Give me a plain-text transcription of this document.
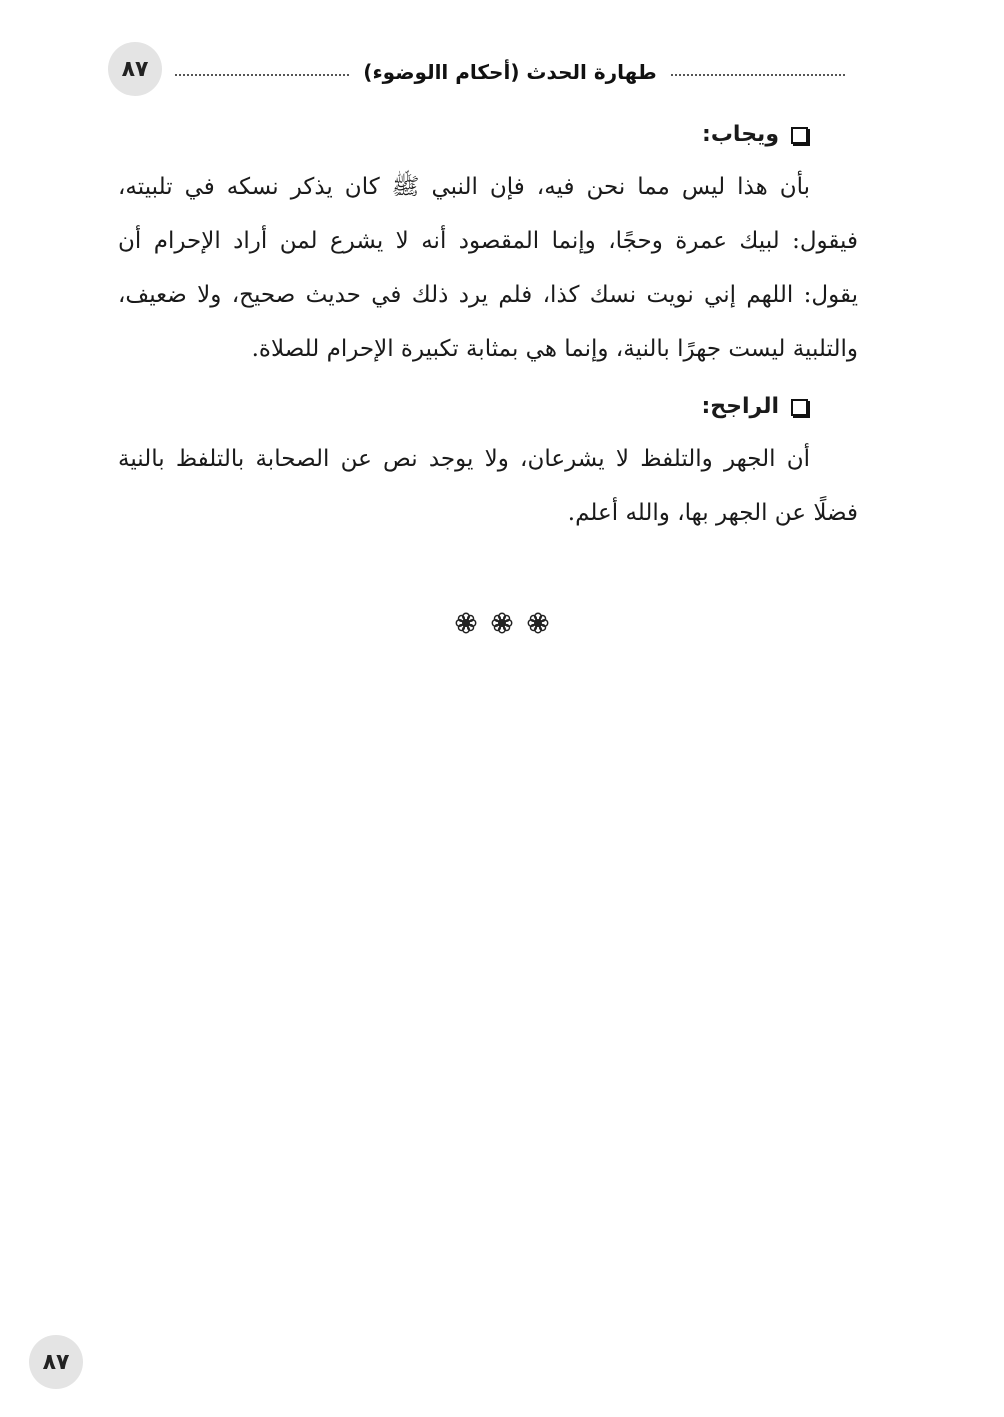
٨٧	طهارة الحدث (أحكام االوضوء)
ويجاب:

بأن هذا ليس مما نحن فيه، فإن النبي ﷺ كان يذكر نسكه في تلبيته، فيقول: لبيك عمرة وحجًا، وإنما المقصود أنه لا يشرع لمن أراد الإحرام أن يقول: اللهم إني نويت نسك كذا، فلم يرد ذلك في حديث صحيح، ولا ضعيف، والتلبية ليست جهرًا بالنية، وإنما هي بمثابة تكبيرة الإحرام للصلاة.

الراجح:

أن الجهر والتلفظ لا يشرعان، ولا يوجد نص عن الصحابة بالتلفظ بالنية فضلًا عن الجهر بها، والله أعلم.

٨٧
